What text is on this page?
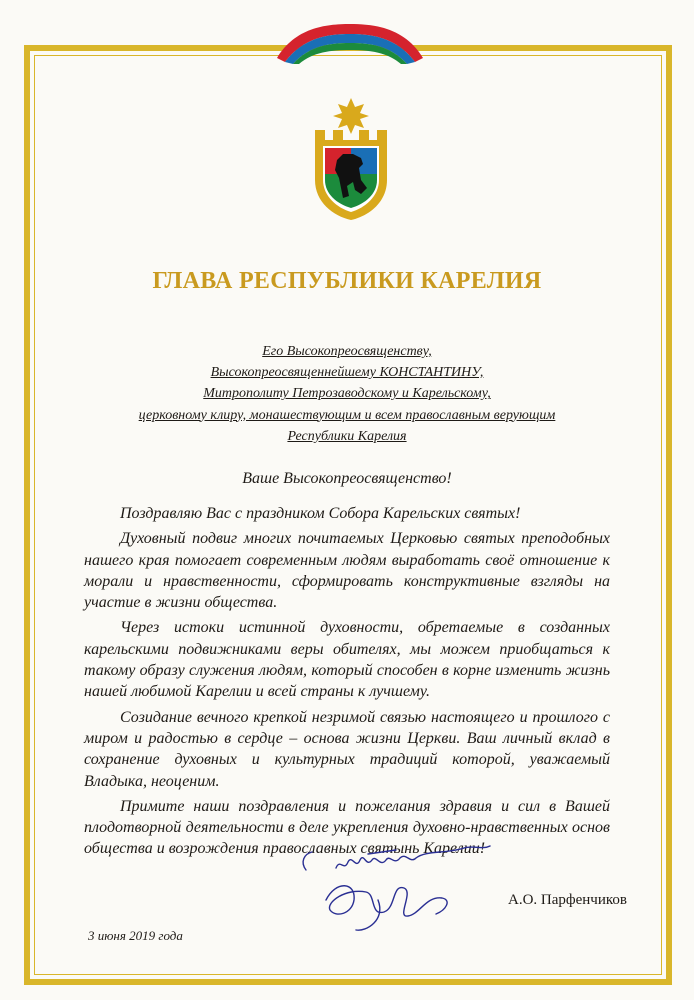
ГЛАВА РЕСПУБЛИКИ КАРЕЛИЯ
Его Высокопреосвященству,
Высокопреосвященнейшему КОНСТАНТИНУ,
Митрополиту Петрозаводскому и Карельскому,
церковному клиру, монашествующим и всем православным верующим
Республики Карелия
Ваше Высокопреосвященство!

Поздравляю Вас с праздником Собора Карельских святых!

Духовный подвиг многих почитаемых Церковью святых преподобных нашего края помогает современным людям выработать своё отношение к морали и нравственности, сформировать конструктивные взгляды на участие в жизни общества.

Через истоки истинной духовности, обретаемые в созданных карельскими подвижниками веры обителях, мы можем приобщаться к такому образу служения людям, который способен в корне изменить жизнь нашей любимой Карелии и всей страны к лучшему.

Созидание вечного крепкой незримой связью настоящего и прошлого с миром и радостью в сердце – основа жизни Церкви. Ваш личный вклад в сохранение духовных и культурных традиций которой, уважаемый Владыка, неоценим.

Примите наши поздравления и пожелания здравия и сил в Вашей плодотворной деятельности в деле укрепления духовно-нравственных основ общества и возрождения православных святынь Карелии!

А.О. Парфенчиков
3 июня 2019 года
